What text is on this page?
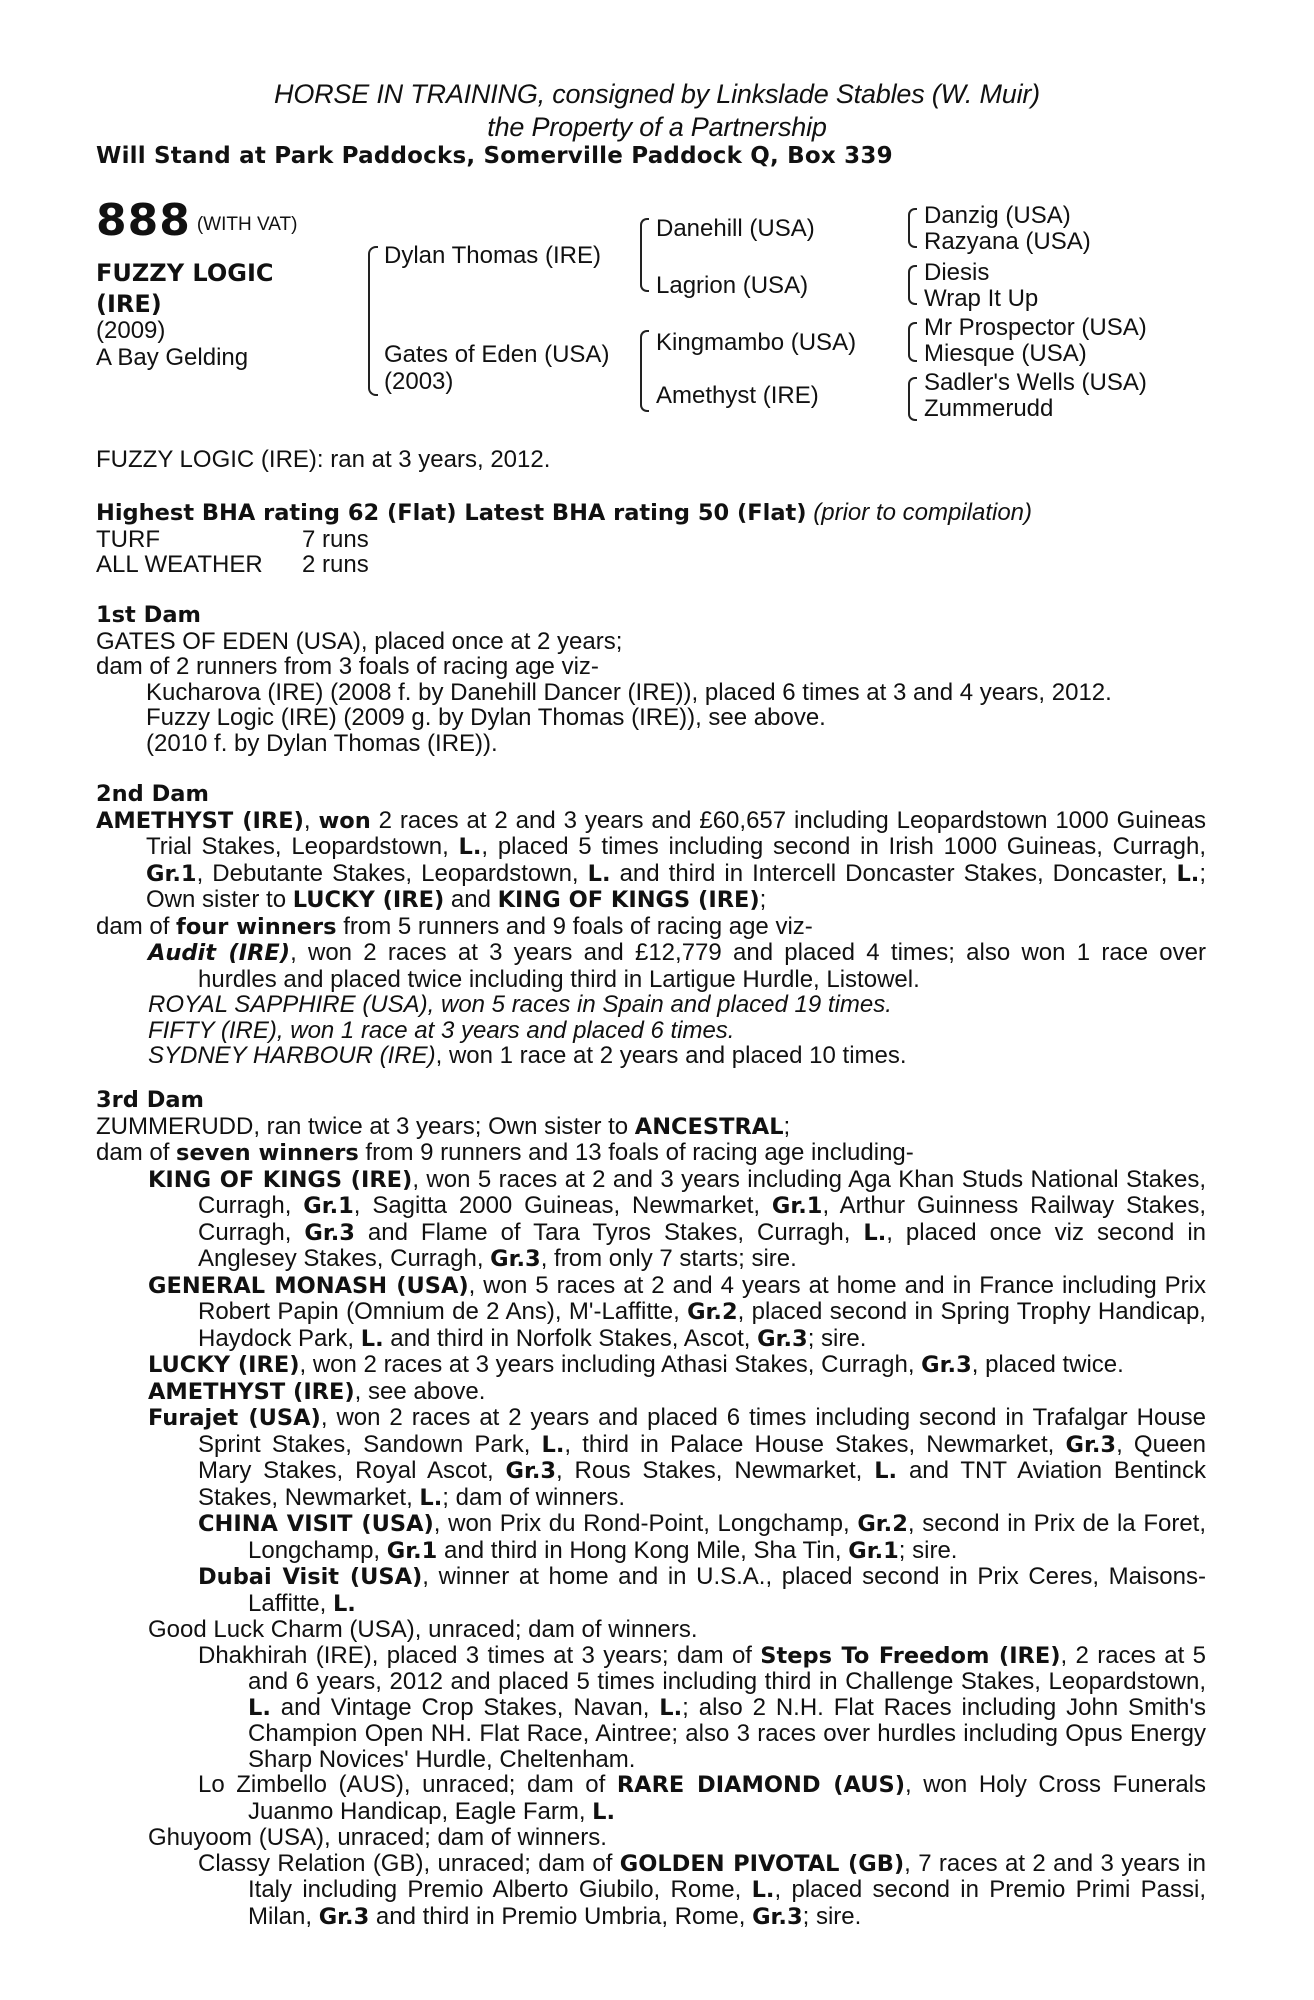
HORSE IN TRAINING, consigned by Linkslade Stables (W. Muir)
the Property of a Partnership
Will Stand at Park Paddocks, Somerville Paddock Q, Box 339
888 $^{(WITH VAT)}$
FUZZY LOGIC
(IRE)
(2009)
A Bay Gelding
Dylan Thomas (IRE)
Gates of Eden (USA)
(2003)
Danehill (USA)
Lagrion (USA)
Kingmambo (USA)
Amethyst (IRE)
Danzig (USA)
Razyana (USA)
Diesis
Wrap It Up
Mr Prospector (USA)
Miesque (USA)
Sadler's Wells (USA)
Zummerudd
FUZZY LOGIC (IRE): ran at 3 years, 2012.

Highest BHA rating 62 (Flat) Latest BHA rating 50 (Flat) (prior to compilation)

TURF	7 runs

ALL WEATHER 2 runs

1st Dam

GATES OF EDEN (USA), placed once at 2 years;

dam of 2 runners from 3 foals of racing age viz-

Kucharova (IRE) (2008 f. by Danehill Dancer (IRE)), placed 6 times at 3 and 4 years, 2012.

Fuzzy Logic (IRE) (2009 g. by Dylan Thomas (IRE)), see above.

(2010 f. by Dylan Thomas (IRE)).

2nd Dam

AMETHYST (IRE), won 2 races at 2 and 3 years and £60,657 including Leopardstown 1000 Guineas Trial Stakes, Leopardstown, L., placed 5 times including second in Irish 1000 Guineas, Curragh, Gr.1, Debutante Stakes, Leopardstown, L. and third in Intercell Doncaster Stakes, Doncaster, L.; Own sister to LUCKY (IRE) and KING OF KINGS (IRE);

dam of four winners from 5 runners and 9 foals of racing age viz-

Audit (IRE), won 2 races at 3 years and £12,779 and placed 4 times; also won 1 race over hurdles and placed twice including third in Lartigue Hurdle, Listowel.

ROYAL SAPPHIRE (USA), won 5 races in Spain and placed 19 times.

FIFTY (IRE), won 1 race at 3 years and placed 6 times.

SYDNEY HARBOUR (IRE), won 1 race at 2 years and placed 10 times.

3rd Dam

ZUMMERUDD, ran twice at 3 years; Own sister to ANCESTRAL;

dam of seven winners from 9 runners and 13 foals of racing age including-

KING OF KINGS (IRE), won 5 races at 2 and 3 years including Aga Khan Studs National Stakes, Curragh, Gr.1, Sagitta 2000 Guineas, Newmarket, Gr.1, Arthur Guinness Railway Stakes, Curragh, Gr.3 and Flame of Tara Tyros Stakes, Curragh, L., placed once viz second in Anglesey Stakes, Curragh, Gr.3, from only 7 starts; sire.

GENERAL MONASH (USA), won 5 races at 2 and 4 years at home and in France including Prix Robert Papin (Omnium de 2 Ans), M'-Laffitte, Gr.2, placed second in Spring Trophy Handicap, Haydock Park, L. and third in Norfolk Stakes, Ascot, Gr.3; sire.

LUCKY (IRE), won 2 races at 3 years including Athasi Stakes, Curragh, Gr.3, placed twice.

AMETHYST (IRE), see above.

Furajet (USA), won 2 races at 2 years and placed 6 times including second in Trafalgar House Sprint Stakes, Sandown Park, L., third in Palace House Stakes, Newmarket, Gr.3, Queen Mary Stakes, Royal Ascot, Gr.3, Rous Stakes, Newmarket, L. and TNT Aviation Bentinck Stakes, Newmarket, L.; dam of winners.

CHINA VISIT (USA), won Prix du Rond-Point, Longchamp, Gr.2, second in Prix de la Foret, Longchamp, Gr.1 and third in Hong Kong Mile, Sha Tin, Gr.1; sire.

Dubai Visit (USA), winner at home and in U.S.A., placed second in Prix Ceres, Maisons-Laffitte, L.

Good Luck Charm (USA), unraced; dam of winners.

Dhakhirah (IRE), placed 3 times at 3 years; dam of Steps To Freedom (IRE), 2 races at 5 and 6 years, 2012 and placed 5 times including third in Challenge Stakes, Leopardstown, L. and Vintage Crop Stakes, Navan, L.; also 2 N.H. Flat Races including John Smith's Champion Open NH. Flat Race, Aintree; also 3 races over hurdles including Opus Energy Sharp Novices' Hurdle, Cheltenham.

Lo Zimbello (AUS), unraced; dam of RARE DIAMOND (AUS), won Holy Cross Funerals Juanmo Handicap, Eagle Farm, L.

Ghuyoom (USA), unraced; dam of winners.

Classy Relation (GB), unraced; dam of GOLDEN PIVOTAL (GB), 7 races at 2 and 3 years in Italy including Premio Alberto Giubilo, Rome, L., placed second in Premio Primi Passi, Milan, Gr.3 and third in Premio Umbria, Rome, Gr.3; sire.
